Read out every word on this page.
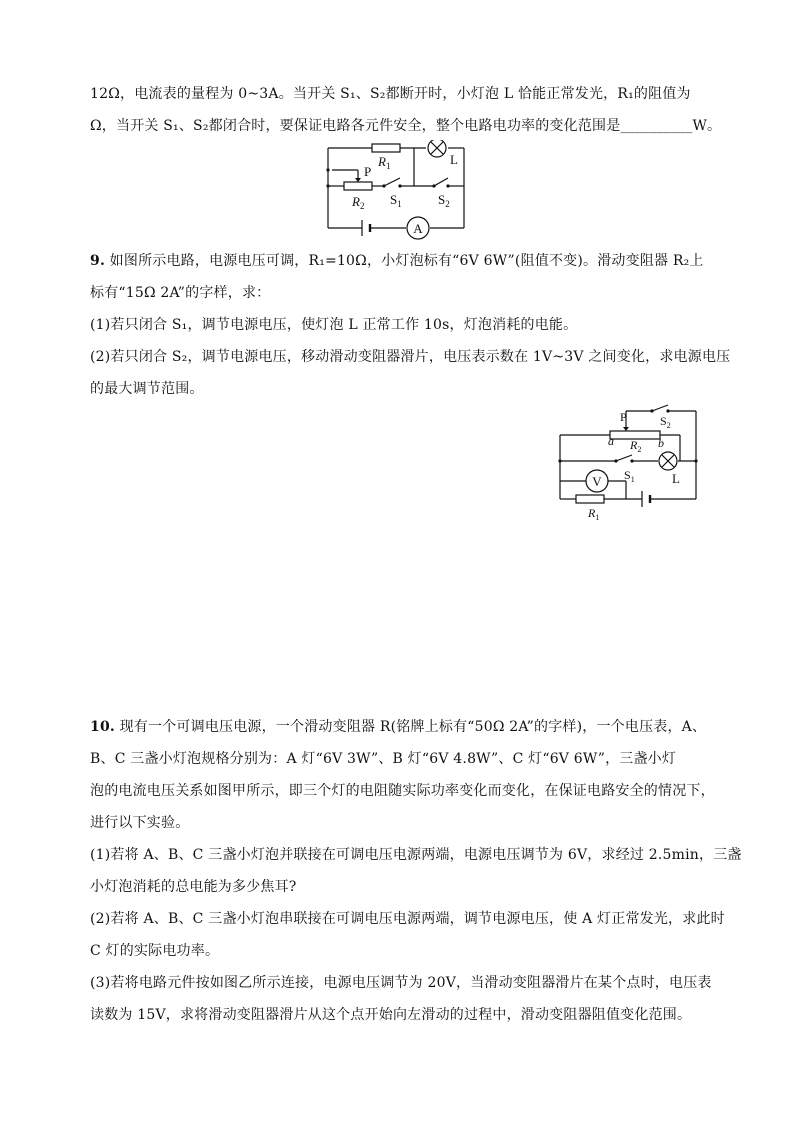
12Ω，电流表的量程为 0~3A。当开关 S₁、S₂都断开时，小灯泡 L 恰能正常发光，R₁的阻值为
Ω，当开关 S₁、S₂都闭合时，要保证电路各元件安全，整个电路电功率的变化范围是__________W。
A
$R_1$	L
P
$R_2$ $S_1$	$S_2$
9. 如图所示电路，电源电压可调，R₁=10Ω，小灯泡标有“6V 6W”(阻值不变)。滑动变阻器 R₂上
标有“15Ω 2A”的字样，求：
(1)若只闭合 S₁，调节电源电压，使灯泡 L 正常工作 10s，灯泡消耗的电能。
(2)若只闭合 S₂，调节电源电压，移动滑动变阻器滑片，电压表示数在 1V~3V 之间变化，求电源电压
的最大调节范围。
V
P	$S_2$
a	b
$R_2$
$S_1$	L
$R_1$
10. 现有一个可调电压电源，一个滑动变阻器 R(铭牌上标有“50Ω 2A”的字样)，一个电压表，A、
B、C 三盏小灯泡规格分别为：A 灯“6V 3W”、B 灯“6V 4.8W”、C 灯“6V 6W”，三盏小灯
泡的电流电压关系如图甲所示，即三个灯的电阻随实际功率变化而变化，在保证电路安全的情况下，
进行以下实验。
(1)若将 A、B、C 三盏小灯泡并联接在可调电压电源两端，电源电压调节为 6V，求经过 2.5min，三盏
小灯泡消耗的总电能为多少焦耳?
(2)若将 A、B、C 三盏小灯泡串联接在可调电压电源两端，调节电源电压，使 A 灯正常发光，求此时
C 灯的实际电功率。
(3)若将电路元件按如图乙所示连接，电源电压调节为 20V，当滑动变阻器滑片在某个点时，电压表
读数为 15V，求将滑动变阻器滑片从这个点开始向左滑动的过程中，滑动变阻器阻值变化范围。
